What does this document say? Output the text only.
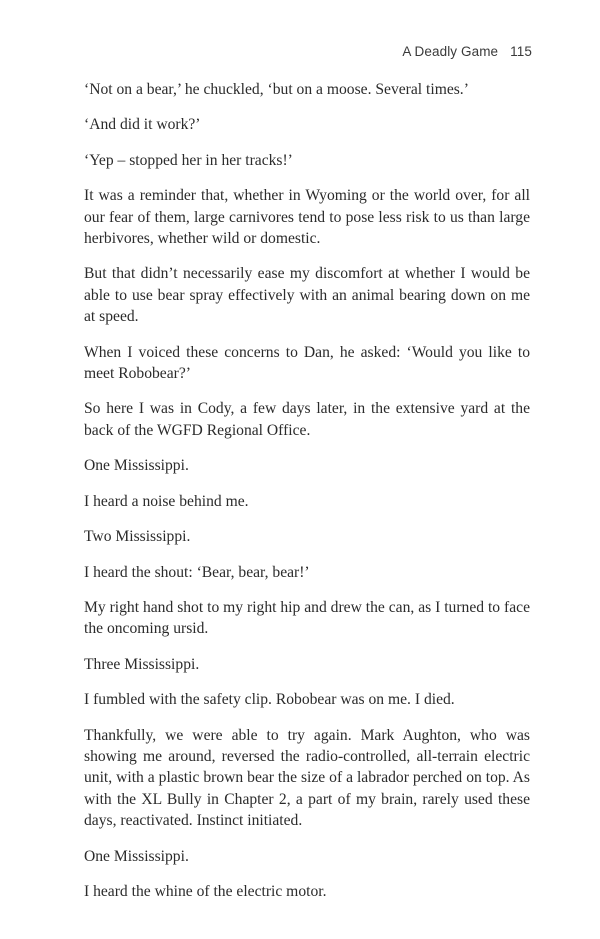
A Deadly Game 115

‘Not on a bear,’ he chuckled, ‘but on a moose. Several times.’

‘And did it work?’

‘Yep – stopped her in her tracks!’

It was a reminder that, whether in Wyoming or the world over, for all our fear of them, large carnivores tend to pose less risk to us than large herbivores, whether wild or domestic.

But that didn’t necessarily ease my discomfort at whether I would be able to use bear spray effectively with an animal bearing down on me at speed.

When I voiced these concerns to Dan, he asked: ‘Would you like to meet Robobear?’

So here I was in Cody, a few days later, in the extensive yard at the back of the WGFD Regional Office.

One Mississippi.

I heard a noise behind me.

Two Mississippi.

I heard the shout: ‘Bear, bear, bear!’

My right hand shot to my right hip and drew the can, as I turned to face the oncoming ursid.

Three Mississippi.

I fumbled with the safety clip. Robobear was on me. I died.

Thankfully, we were able to try again. Mark Aughton, who was showing me around, reversed the radio-controlled, all-terrain electric unit, with a plastic brown bear the size of a labrador perched on top. As with the XL Bully in Chapter 2, a part of my brain, rarely used these days, reactivated. Instinct initiated.

One Mississippi.

I heard the whine of the electric motor.
